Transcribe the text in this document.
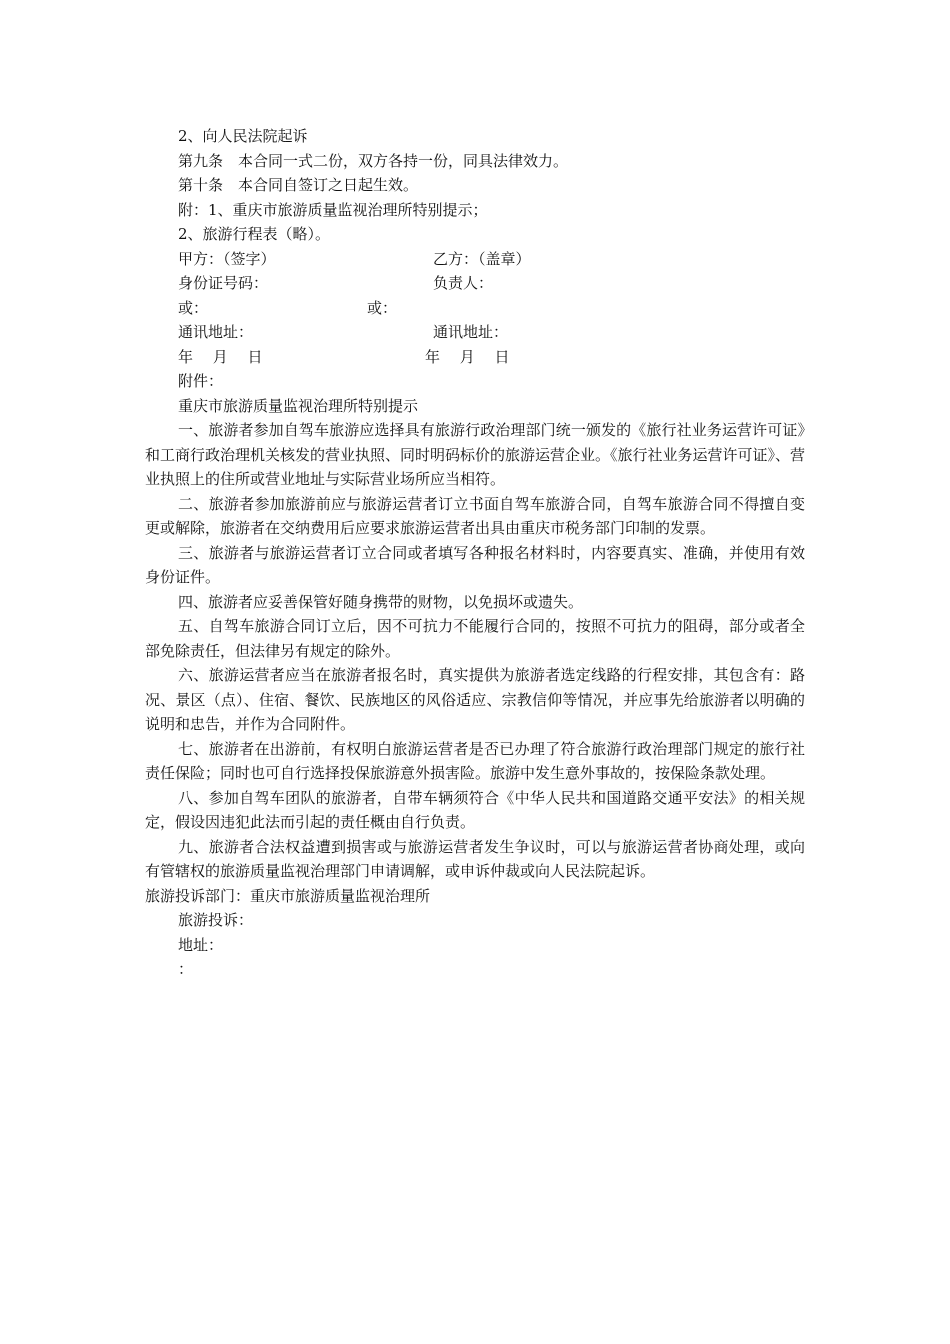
2、向人民法院起诉
第九条　本合同一式二份，双方各持一份，同具法律效力。
第十条　本合同自签订之日起生效。
附：1、重庆市旅游质量监视治理所特别提示；
2、旅游行程表（略）。
甲方：（签字）	乙方：（盖章）
身份证号码：	负责人：
或：	或：
通讯地址：	通讯地址：
年　 月　 日	年　 月　 日
附件：
重庆市旅游质量监视治理所特别提示

一、旅游者参加自驾车旅游应选择具有旅游行政治理部门统一颁发的《旅行社业务运营许可证》和工商行政治理机关核发的营业执照、同时明码标价的旅游运营企业。《旅行社业务运营许可证》、营业执照上的住所或营业地址与实际营业场所应当相符。

二、旅游者参加旅游前应与旅游运营者订立书面自驾车旅游合同，自驾车旅游合同不得擅自变更或解除，旅游者在交纳费用后应要求旅游运营者出具由重庆市税务部门印制的发票。

三、旅游者与旅游运营者订立合同或者填写各种报名材料时，内容要真实、准确，并使用有效身份证件。

四、旅游者应妥善保管好随身携带的财物，以免损坏或遗失。

五、自驾车旅游合同订立后，因不可抗力不能履行合同的，按照不可抗力的阻碍，部分或者全部免除责任，但法律另有规定的除外。

六、旅游运营者应当在旅游者报名时，真实提供为旅游者选定线路的行程安排，其包含有：路况、景区（点）、住宿、餐饮、民族地区的风俗适应、宗教信仰等情况，并应事先给旅游者以明确的说明和忠告，并作为合同附件。

七、旅游者在出游前，有权明白旅游运营者是否已办理了符合旅游行政治理部门规定的旅行社责任保险；同时也可自行选择投保旅游意外损害险。旅游中发生意外事故的，按保险条款处理。

八、参加自驾车团队的旅游者，自带车辆须符合《中华人民共和国道路交通平安法》的相关规定，假设因违犯此法而引起的责任概由自行负责。

九、旅游者合法权益遭到损害或与旅游运营者发生争议时，可以与旅游运营者协商处理，或向有管辖权的旅游质量监视治理部门申请调解，或申诉仲裁或向人民法院起诉。

旅游投诉部门：重庆市旅游质量监视治理所
旅游投诉：
地址：
：
